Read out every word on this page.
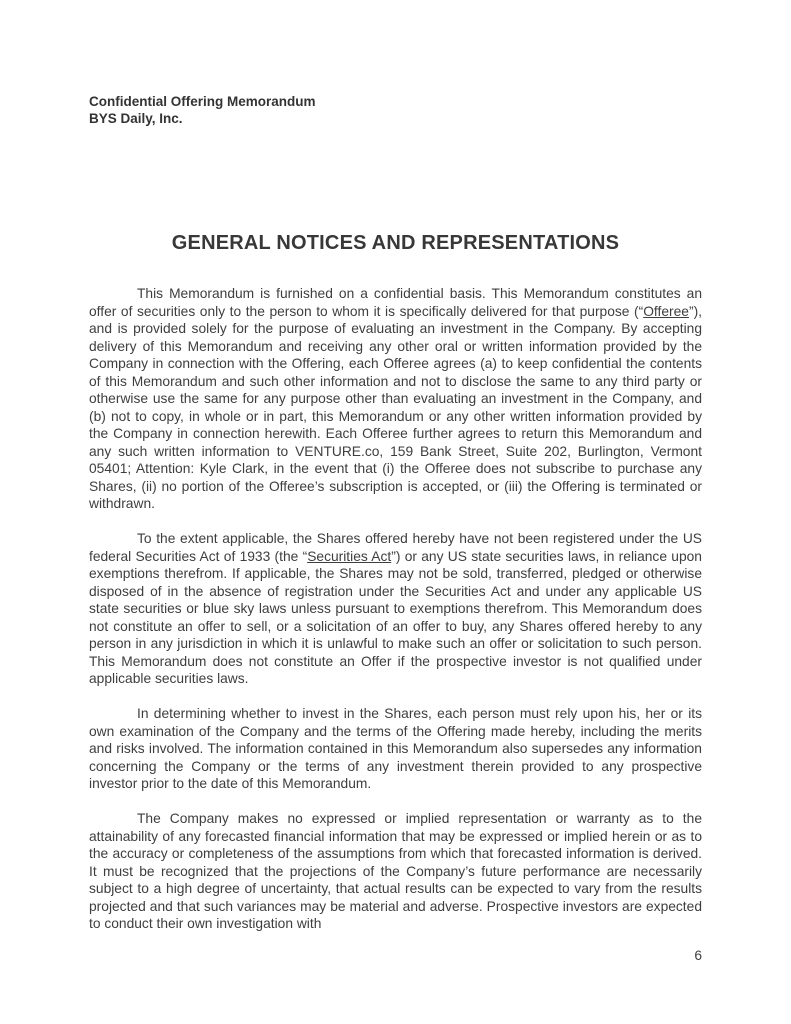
Confidential Offering Memorandum
BYS Daily, Inc.
GENERAL NOTICES AND REPRESENTATIONS

This Memorandum is furnished on a confidential basis. This Memorandum constitutes an offer of securities only to the person to whom it is specifically delivered for that purpose (“Offeree”), and is provided solely for the purpose of evaluating an investment in the Company. By accepting delivery of this Memorandum and receiving any other oral or written information provided by the Company in connection with the Offering, each Offeree agrees (a) to keep confidential the contents of this Memorandum and such other information and not to disclose the same to any third party or otherwise use the same for any purpose other than evaluating an investment in the Company, and (b) not to copy, in whole or in part, this Memorandum or any other written information provided by the Company in connection herewith. Each Offeree further agrees to return this Memorandum and any such written information to VENTURE.co, 159 Bank Street, Suite 202, Burlington, Vermont 05401; Attention: Kyle Clark, in the event that (i) the Offeree does not subscribe to purchase any Shares, (ii) no portion of the Offeree’s subscription is accepted, or (iii) the Offering is terminated or withdrawn.

To the extent applicable, the Shares offered hereby have not been registered under the US federal Securities Act of 1933 (the “Securities Act”) or any US state securities laws, in reliance upon exemptions therefrom. If applicable, the Shares may not be sold, transferred, pledged or otherwise disposed of in the absence of registration under the Securities Act and under any applicable US state securities or blue sky laws unless pursuant to exemptions therefrom. This Memorandum does not constitute an offer to sell, or a solicitation of an offer to buy, any Shares offered hereby to any person in any jurisdiction in which it is unlawful to make such an offer or solicitation to such person. This Memorandum does not constitute an Offer if the prospective investor is not qualified under applicable securities laws.

In determining whether to invest in the Shares, each person must rely upon his, her or its own examination of the Company and the terms of the Offering made hereby, including the merits and risks involved. The information contained in this Memorandum also supersedes any information concerning the Company or the terms of any investment therein provided to any prospective investor prior to the date of this Memorandum.

The Company makes no expressed or implied representation or warranty as to the attainability of any forecasted financial information that may be expressed or implied herein or as to the accuracy or completeness of the assumptions from which that forecasted information is derived. It must be recognized that the projections of the Company’s future performance are necessarily subject to a high degree of uncertainty, that actual results can be expected to vary from the results projected and that such variances may be material and adverse. Prospective investors are expected to conduct their own investigation with

6
